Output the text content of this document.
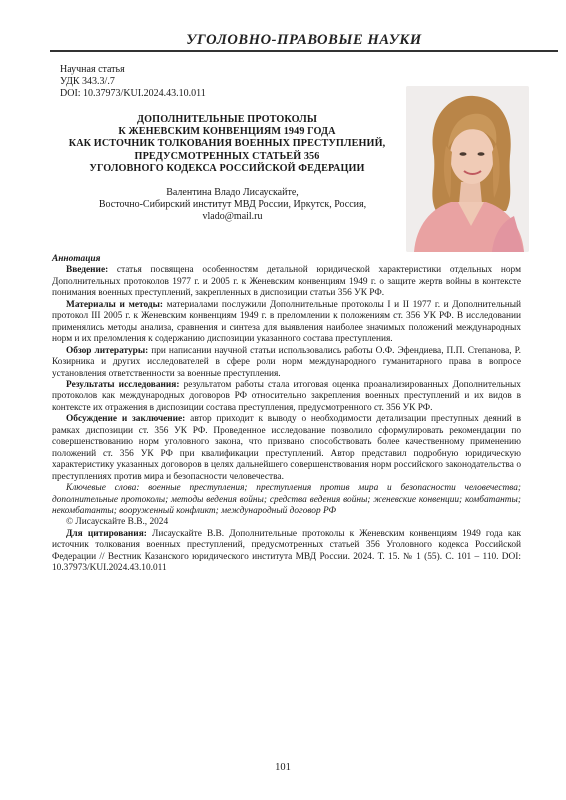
УГОЛОВНО-ПРАВОВЫЕ НАУКИ
Научная статья
УДК 343.3/.7
DOI: 10.37973/KUI.2024.43.10.011
ДОПОЛНИТЕЛЬНЫЕ ПРОТОКОЛЫ
К ЖЕНЕВСКИМ КОНВЕНЦИЯМ 1949 ГОДА
КАК ИСТОЧНИК ТОЛКОВАНИЯ ВОЕННЫХ ПРЕСТУПЛЕНИЙ,
ПРЕДУСМОТРЕННЫХ СТАТЬЕЙ 356
УГОЛОВНОГО КОДЕКСА РОССИЙСКОЙ ФЕДЕРАЦИИ
Валентина Владо Лисаускайте,
Восточно-Сибирский институт МВД России, Иркутск, Россия,
vlado@mail.ru

Аннотация

Введение: статья посвящена особенностям детальной юридической характеристики отдельных норм Дополнительных протоколов 1977 г. и 2005 г. к Женевским конвенциям 1949 г. о защите жертв войны в контексте понимания военных преступлений, закрепленных в диспозиции статьи 356 УК РФ.

Материалы и методы: материалами послужили Дополнительные протоколы I и II 1977 г. и Дополнительный протокол III 2005 г. к Женевским конвенциям 1949 г. в преломлении к положениям ст. 356 УК РФ. В исследовании применялись методы анализа, сравнения и синтеза для выявления наиболее значимых положений международных норм и их преломления к содержанию диспозиции указанного состава преступления.

Обзор литературы: при написании научной статьи использовались работы О.Ф. Эфендиева, П.П. Степанова, Р. Козирника и других исследователей в сфере роли норм международного гуманитарного права в вопросе установления ответственности за военные преступления.

Результаты исследования: результатом работы стала итоговая оценка проанализированных Дополнительных протоколов как международных договоров РФ относительно закрепления военных преступлений и их видов в контексте их отражения в диспозиции состава преступления, предусмотренного ст. 356 УК РФ.

Обсуждение и заключение: автор приходит к выводу о необходимости детализации преступных деяний в рамках диспозиции ст. 356 УК РФ. Проведенное исследование позволило сформулировать рекомендации по совершенствованию норм уголовного закона, что призвано способствовать более качественному применению положений ст. 356 УК РФ при квалификации преступлений. Автор представил подробную юридическую характеристику указанных договоров в целях дальнейшего совершенствования норм российского законодательства о преступлениях против мира и безопасности человечества.

Ключевые слова: военные преступления; преступления против мира и безопасности человечества; дополнительные протоколы; методы ведения войны; средства ведения войны; женевские конвенции; комбатанты; некомбатанты; вооруженный конфликт; международный договор РФ

© Лисаускайте В.В., 2024

Для цитирования: Лисаускайте В.В. Дополнительные протоколы к Женевским конвенциям 1949 года как источник толкования военных преступлений, предусмотренных статьей 356 Уголовного кодекса Российской Федерации // Вестник Казанского юридического института МВД России. 2024. Т. 15. № 1 (55). С. 101 – 110. DOI: 10.37973/KUI.2024.43.10.011

101
